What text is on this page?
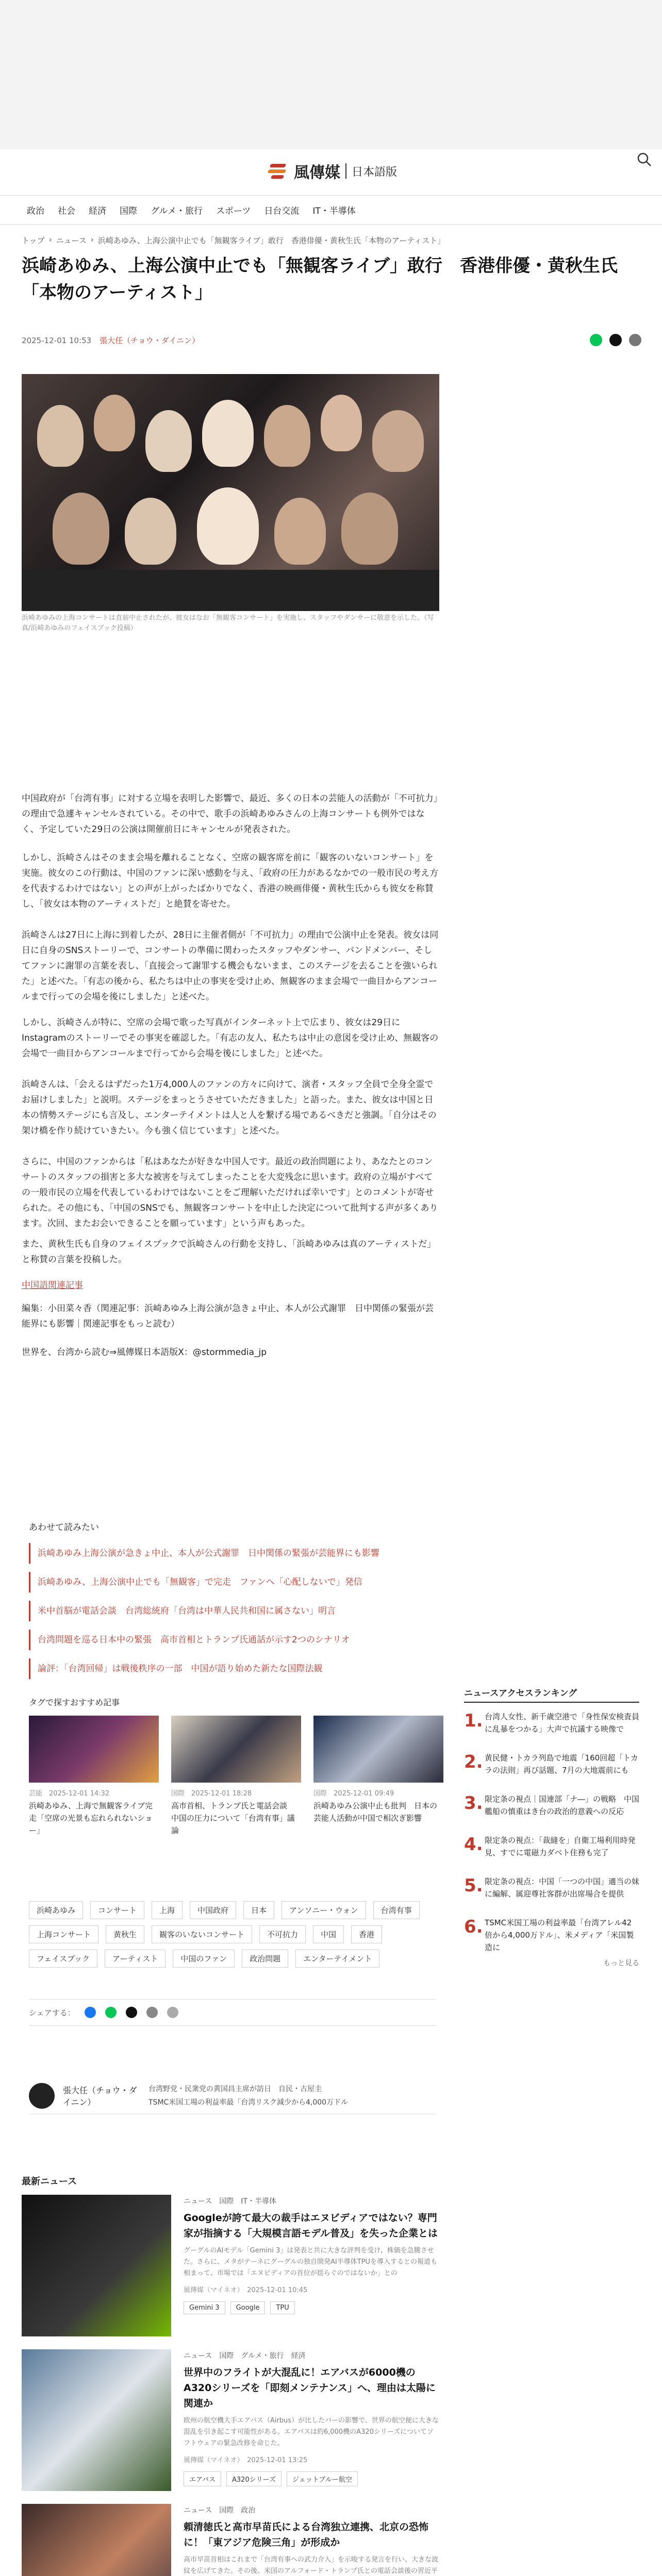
風傳媒 日本語版
政治 社会 経済 国際 グルメ・旅行 スポーツ 日台交流 IT・半導体
トップ › ニュース › 浜崎あゆみ、上海公演中止でも「無観客ライブ」敢行　香港俳優・黄秋生氏「本物のアーティスト」
浜崎あゆみ、上海公演中止でも「無観客ライブ」敢行　香港俳優・黄秋生氏「本物のアーティスト」
2025-12-01 10:53 張大任（チョウ・ダイニン）

浜崎あゆみの上海コンサートは直前中止されたが、彼女はなお「無観客コンサート」を実施し、スタッフやダンサーに敬意を示した。（写真/浜崎あゆみのフェイスブック投稿）

中国政府が「台湾有事」に対する立場を表明した影響で、最近、多くの日本の芸能人の活動が「不可抗力」の理由で急遽キャンセルされている。その中で、歌手の浜崎あゆみさんの上海コンサートも例外ではなく、予定していた29日の公演は開催前日にキャンセルが発表された。

しかし、浜崎さんはそのまま会場を離れることなく、空席の観客席を前に「観客のいないコンサート」を実施。彼女のこの行動は、中国のファンに深い感動を与え、「政府の圧力があるなかでの一般市民の考え方を代表するわけではない」との声が上がったばかりでなく、香港の映画俳優・黄秋生氏からも彼女を称賛し、「彼女は本物のアーティストだ」と絶賛を寄せた。

浜崎さんは27日に上海に到着したが、28日に主催者側が「不可抗力」の理由で公演中止を発表。彼女は同日に自身のSNSストーリーで、コンサートの準備に関わったスタッフやダンサー、バンドメンバー、そしてファンに謝罪の言葉を表し、「直接会って謝罪する機会もないまま、このステージを去ることを強いられた」と述べた。「有志の後から、私たちは中止の事実を受け止め、無観客のまま会場で一曲目からアンコールまで行っての会場を後にしました」と述べた。

しかし、浜崎さんが特に、空席の会場で歌った写真がインターネット上で広まり、彼女は29日にInstagramのストーリーでその事実を確認した。「有志の友人、私たちは中止の意図を受け止め、無観客の会場で一曲目からアンコールまで行ってから会場を後にしました」と述べた。

浜崎さんは、「会えるはずだった1万4,000人のファンの方々に向けて、演者・スタッフ全員で全身全霊でお届けしました」と説明。ステージをまっとうさせていただきました」と語った。また、彼女は中国と日本の情勢ステージにも言及し、エンターテイメントは人と人を繋げる場であるべきだと強調。「自分はその架け橋を作り続けていきたい。今も強く信じています」と述べた。

さらに、中国のファンからは「私はあなたが好きな中国人です。最近の政治問題により、あなたとのコンサートのスタッフの損害と多大な被害を与えてしまったことを大変残念に思います。政府の立場がすべての一般市民の立場を代表しているわけではないことをご理解いただければ幸いです」とのコメントが寄せられた。その他にも、「中国のSNSでも、無観客コンサートを中止した決定について批判する声が多くあります。次回、またお会いできることを願っています」という声もあった。

また、黄秋生氏も自身のフェイスブックで浜崎さんの行動を支持し、「浜崎あゆみは真のアーティストだ」と称賛の言葉を投稿した。

中国語関連記事

編集：小田菜々香（関連記事：浜崎あゆみ上海公演が急きょ中止、本人が公式謝罪　日中関係の緊張が芸能界にも影響｜関連記事をもっと読む）

世界を、台湾から読む⇒風傳媒日本語版X：@stormmedia_jp

あわせて読みたい
浜崎あゆみ上海公演が急きょ中止、本人が公式謝罪　日中関係の緊張が芸能界にも影響
浜崎あゆみ、上海公演中止でも「無観客」で完走　ファンへ「心配しないで」発信
米中首脳が電話会談　台湾総統府「台湾は中華人民共和国に属さない」明言
台湾問題を巡る日本中の緊張　高市首相とトランプ氏通話が示す2つのシナリオ
論評：「台湾回帰」は戦後秩序の一部　中国が語り始めた新たな国際法観
ニュースアクセスランキング
1. 台湾人女性、新千歳空港で「身性保安検査員に乱暴をつかる」大声で抗議する映像で
2. 黄民健・トカラ列島で地震「160回超「トカラの法則」再び話題、7月の大地震前にも
3. 限定条の視点｜国連部「ナ―」の戦略　中国艦船の慎重はき台の政治的意義への反応
4. 限定条の視点：「裁縫を」自衛工場利用時発見、すでに電磁力ダベト住務も完了
5. 限定条の視点：中国「一つの中国」適当の妹に編解、属迎尊社客群が出席場合を提供
6. TSMC米国工場の利益率最「台湾アレル42倍から4,000万ドル」、米メディア「米国製造に
もっと見る
タグで探すおすすめ記事
芸能　 2025-12-01 14:32
浜崎あゆみ、上海で無観客ライブ完走「空席の光景も忘れられないショー」
国際　 2025-12-01 18:28
高市首相、トランプ氏と電話会談　中国の圧力について「台湾有事」議論
国際　 2025-12-01 09:49
浜崎あゆみ公演中止も批判　日本の芸能人活動が中国で相次ぎ影響
浜崎あゆみ	コンサート	上海	中国政府	日本	アンソニー・ウォン	台湾有事
上海コンサート	黄秋生	観客のいないコンサート	不可抗力	中国	香港
フェイスブック	アーティスト	中国のファン	政治問題	エンターテイメント
シェアする：
張大任（チョウ・ダイニン）
台湾野党・民衆党の黄国昌主席が訪日　自民・古屋圭
TSMC米国工場の利益率最「台湾リスク減少から4,000万ドル
最新ニュース
ニュース　国際　IT・半導体
Googleが誇て最大の裁手はエヌビディアではない？専門家が指摘する「大規模言語モデル普及」を失った企業とは
グーグルのAIモデル「Gemini 3」は発表と共に大きな評判を受け、株価を急騰させた。さらに、メタがテーネにグーグルの独自開発AI半導体TPUを導入するとの報道も相まって、市場では「エヌビディアの首位が揺らぐのではないか」との
風傳媒（マイネオ）　2025-12-01 10:45
Gemini 3	Google	TPU
ニュース　国際　グルメ・旅行　経済
世界中のフライトが大混乱に！エアバスが6000機のA320シリーズを「即刻メンテナンス」へ、理由は太陽に関連か
欧州の航空機大手エアバス（Airbus）が比したバーの影響で、世界の航空便に大きな混乱を引き起こす可能性がある。エアバスは約6,000機のA320シリーズについてソフトウェアの緊急改修を命じた。
風傳媒（マイネオ）　2025-12-01 13:25
エアバス	A320シリーズ	ジェットブルー航空
ニュース　国際　政治
頼清徳氏と高市早苗氏による台湾独立連携、北京の恐怖に！「東アジア危険三角」が形成か
高市早苗首相はこれまで「台湾有事への武力介入」を示唆する発言を行い、大きな波紋を広げてきた。その後、米国のアルフォード・トランプ氏との電話会談後の習近平
